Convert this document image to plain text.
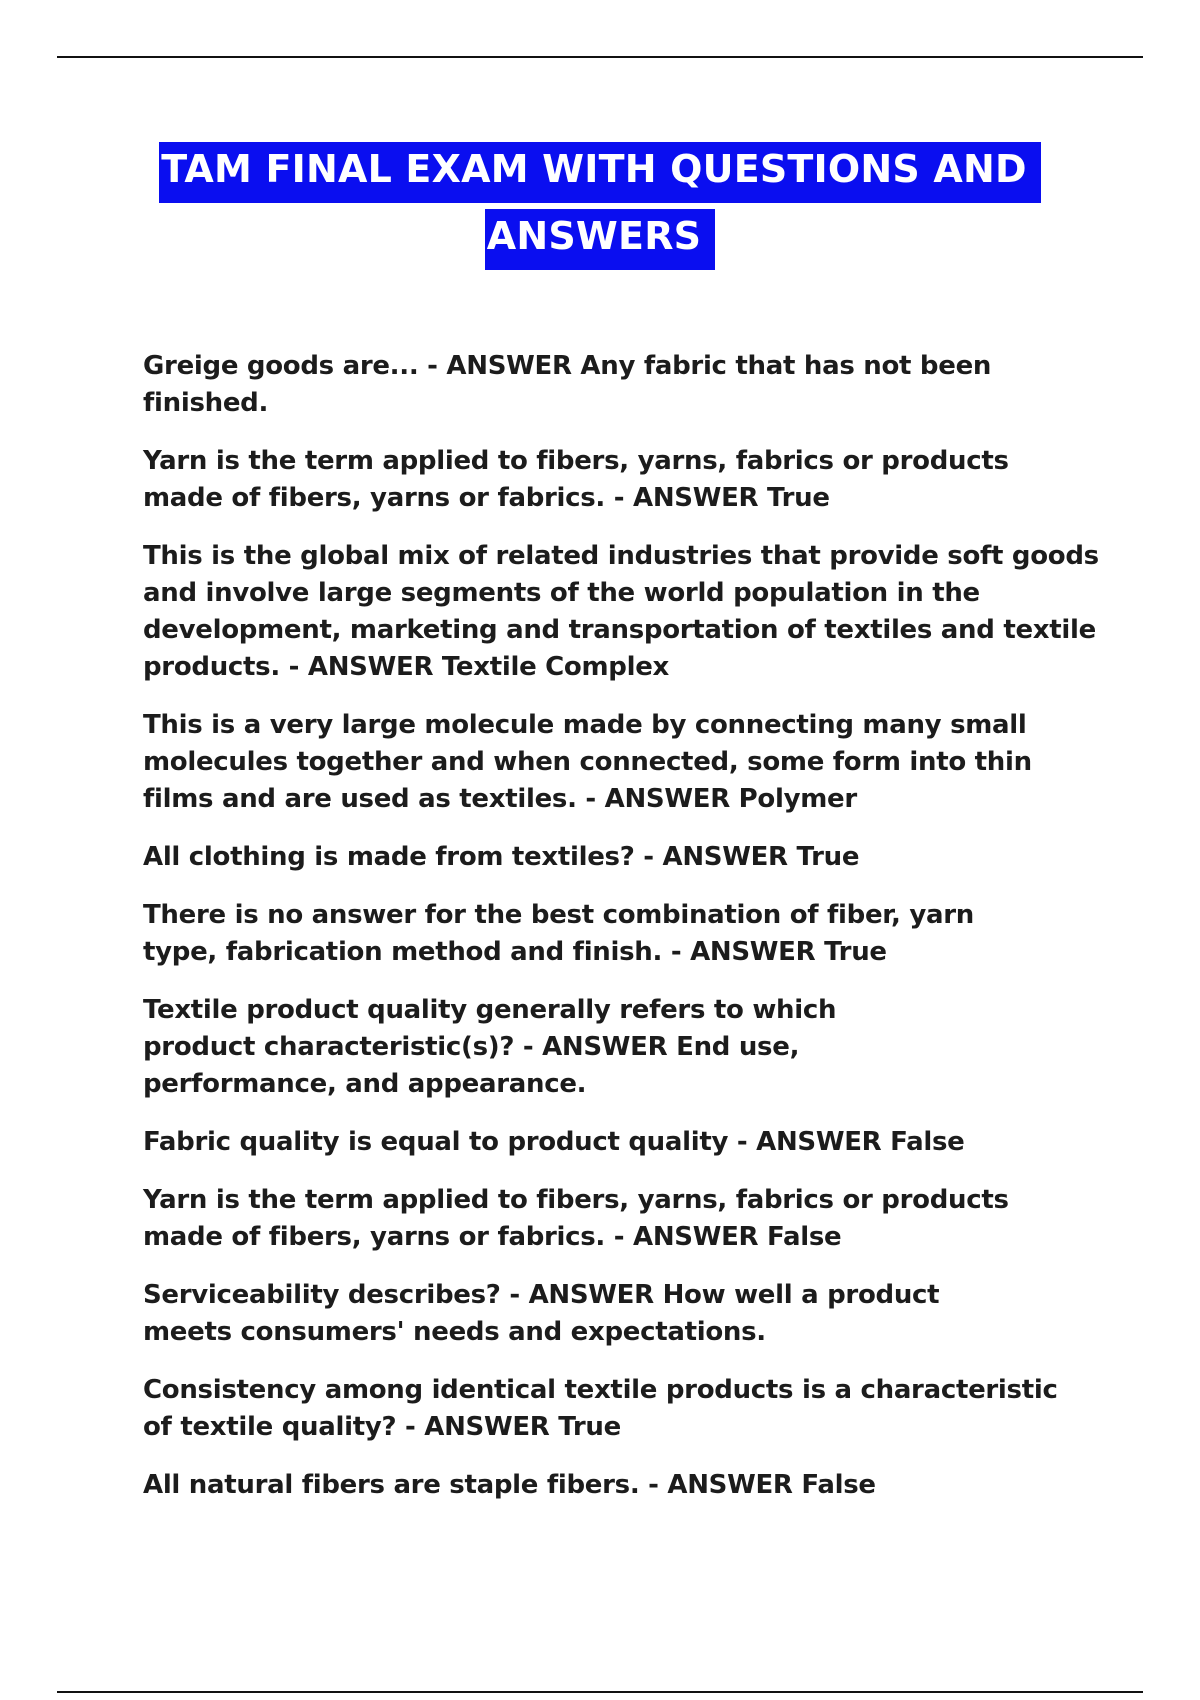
TAM FINAL EXAM WITH QUESTIONS AND
ANSWERS
Greige goods are... - ANSWER Any fabric that has not been finished.
Yarn is the term applied to fibers, yarns, fabrics or products made of fibers, yarns or fabrics. - ANSWER True
This is the global mix of related industries that provide soft goods and involve large segments of the world population in the development, marketing and transportation of textiles and textile products. - ANSWER Textile Complex
This is a very large molecule made by connecting many small molecules together and when connected, some form into thin films and are used as textiles. - ANSWER Polymer
All clothing is made from textiles? - ANSWER True
There is no answer for the best combination of fiber, yarn type, fabrication method and finish. - ANSWER True
Textile product quality generally refers to which product characteristic(s)? - ANSWER End use, performance, and appearance.
Fabric quality is equal to product quality - ANSWER False
Yarn is the term applied to fibers, yarns, fabrics or products made of fibers, yarns or fabrics. - ANSWER False
Serviceability describes? - ANSWER How well a product meets consumers' needs and expectations.
Consistency among identical textile products is a characteristic of textile quality? - ANSWER True
All natural fibers are staple fibers. - ANSWER False
